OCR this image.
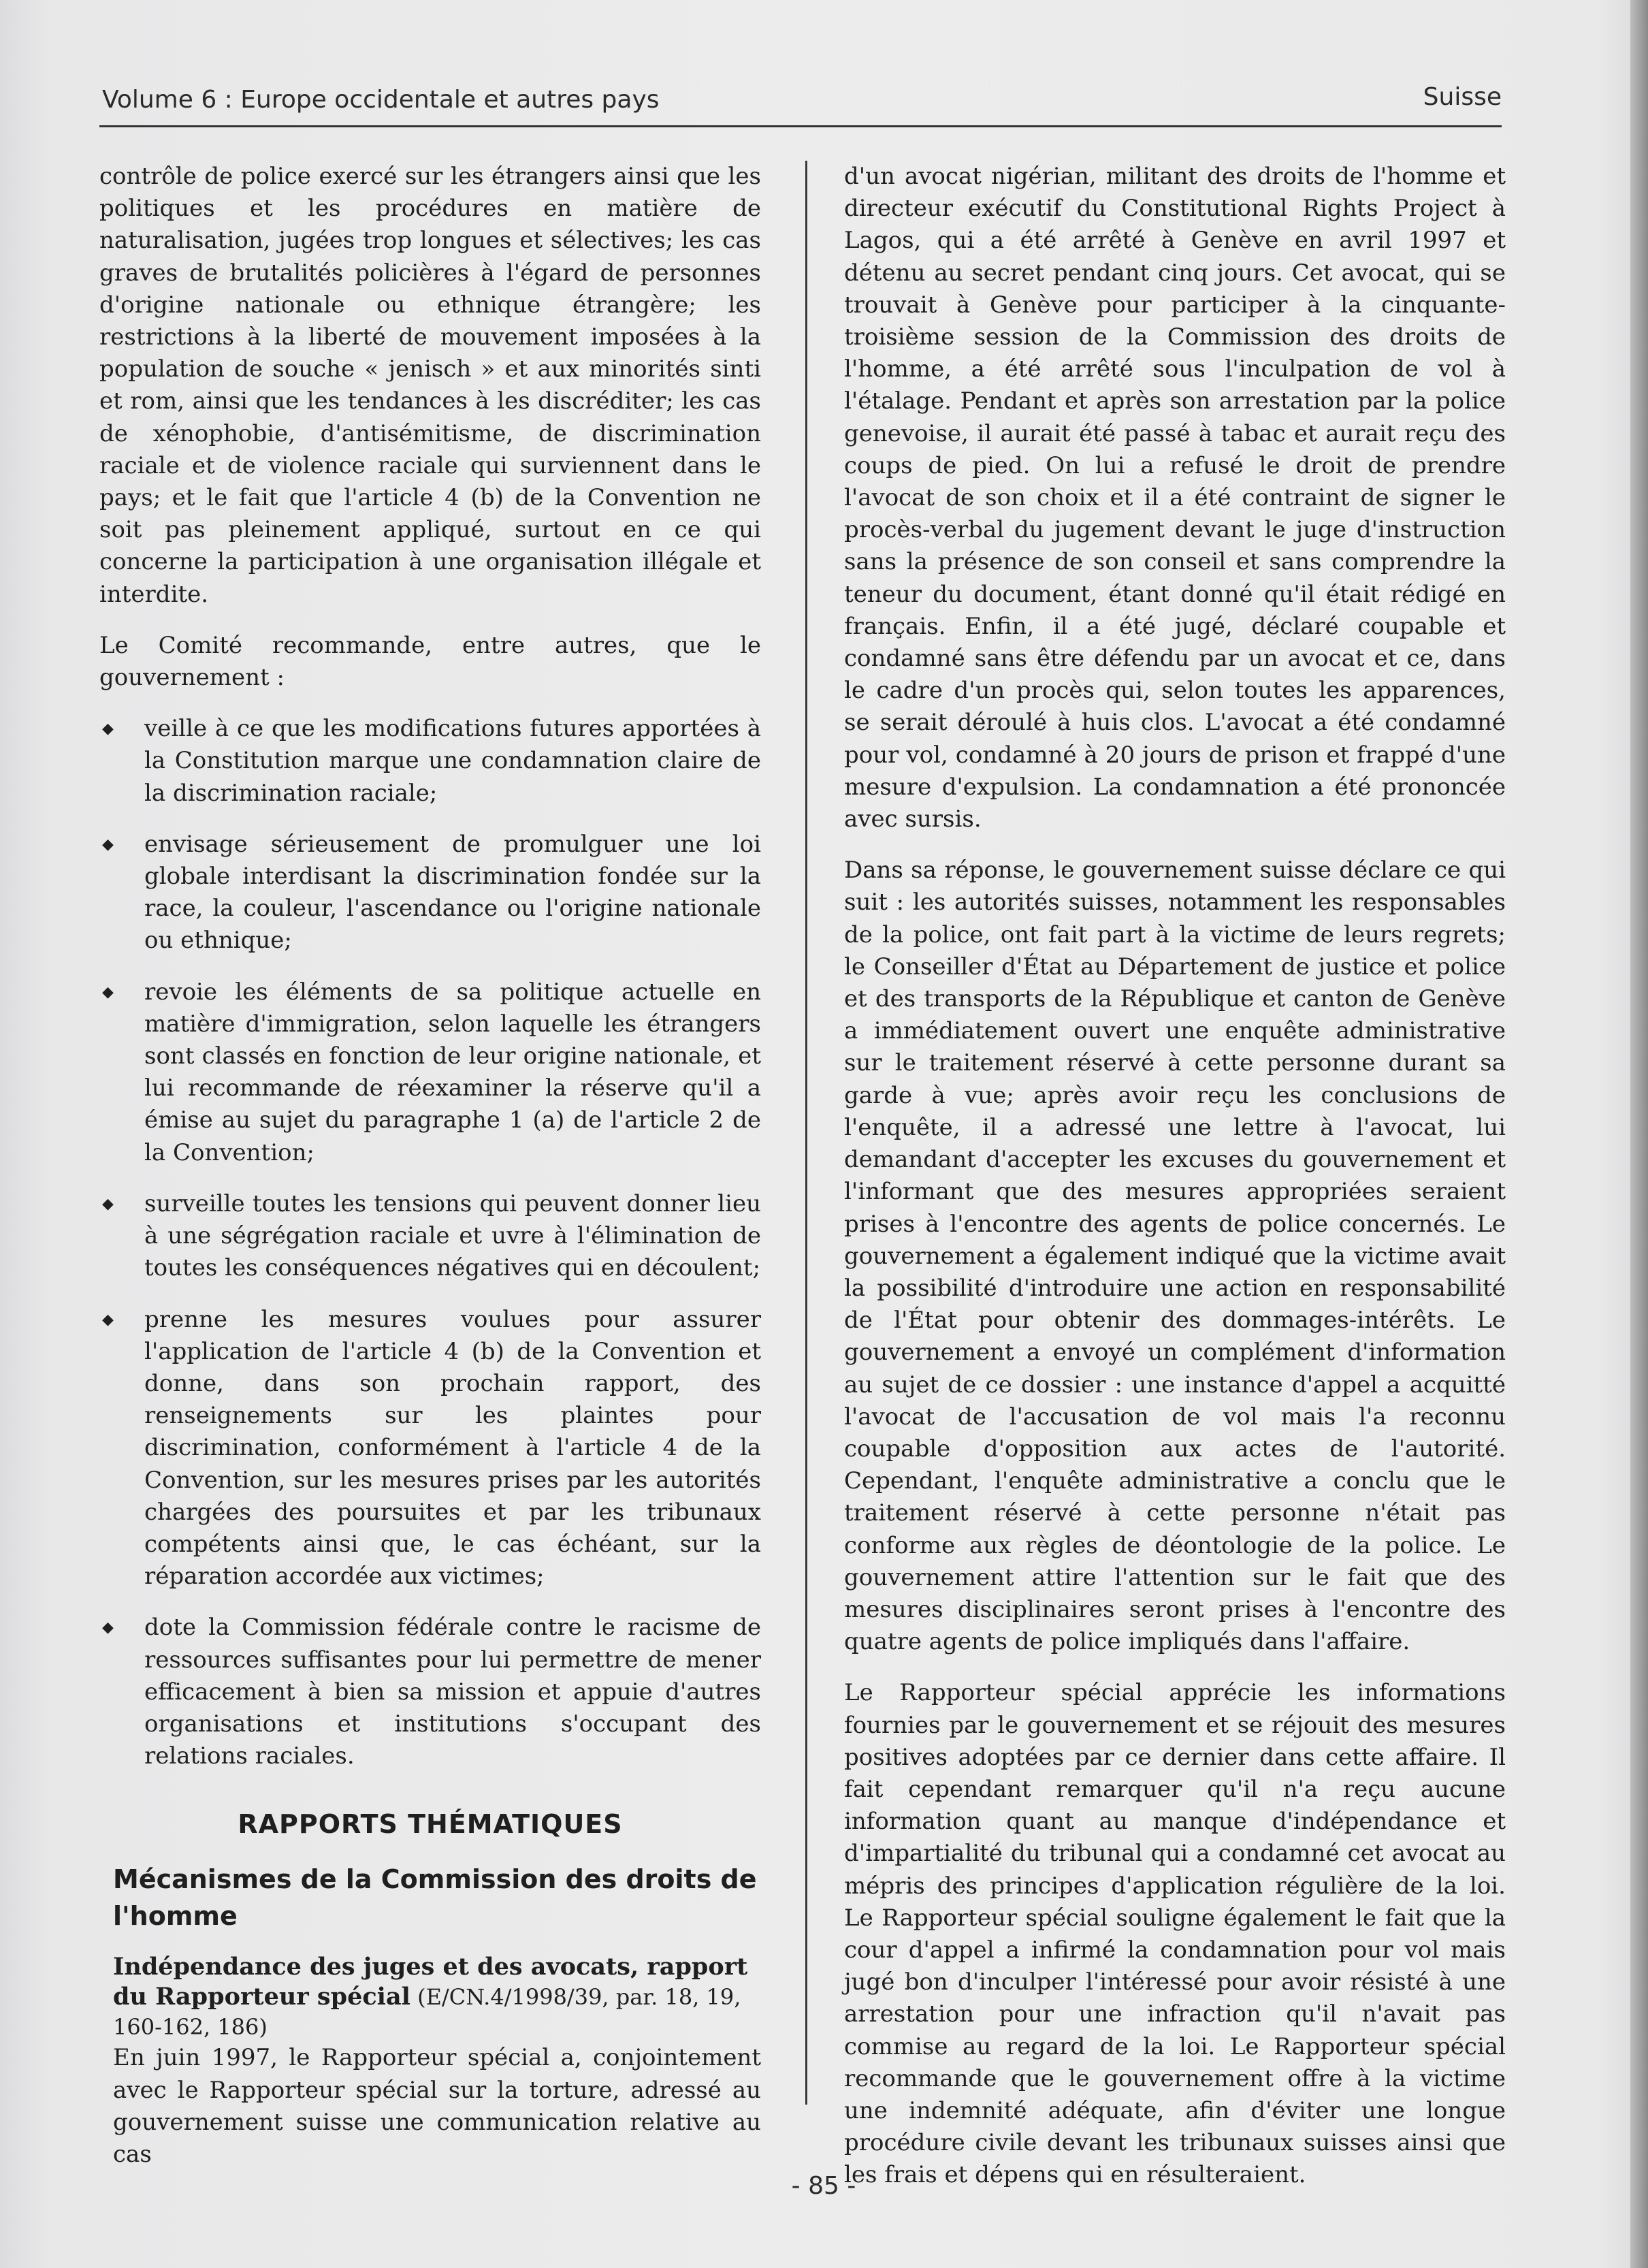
Volume 6 : Europe occidentale et autres pays	Suisse

contrôle de police exercé sur les étrangers ainsi que les politiques et les procédures en matière de naturalisation, jugées trop longues et sélectives; les cas graves de brutalités policières à l'égard de personnes d'origine nationale ou ethnique étrangère; les restrictions à la liberté de mouvement imposées à la population de souche « jenisch » et aux minorités sinti et rom, ainsi que les tendances à les discréditer; les cas de xénophobie, d'antisémitisme, de discrimination raciale et de violence raciale qui surviennent dans le pays; et le fait que l'article 4 (b) de la Convention ne soit pas pleinement appliqué, surtout en ce qui concerne la participation à une organisation illégale et interdite.

Le Comité recommande, entre autres, que le gouvernement :

◆ veille à ce que les modifications futures apportées à la Constitution marque une condamnation claire de la discrimination raciale;
◆ envisage sérieusement de promulguer une loi globale interdisant la discrimination fondée sur la race, la couleur, l'ascendance ou l'origine nationale ou ethnique;
◆ revoie les éléments de sa politique actuelle en matière d'immigration, selon laquelle les étrangers sont classés en fonction de leur origine nationale, et lui recommande de réexaminer la réserve qu'il a émise au sujet du paragraphe 1 (a) de l'article 2 de la Convention;
◆ surveille toutes les tensions qui peuvent donner lieu à une ségrégation raciale et uvre à l'élimination de toutes les conséquences négatives qui en découlent;
◆ prenne les mesures voulues pour assurer l'application de l'article 4 (b) de la Convention et donne, dans son prochain rapport, des renseignements sur les plaintes pour discrimination, conformément à l'article 4 de la Convention, sur les mesures prises par les autorités chargées des poursuites et par les tribunaux compétents ainsi que, le cas échéant, sur la réparation accordée aux victimes;
◆ dote la Commission fédérale contre le racisme de ressources suffisantes pour lui permettre de mener efficacement à bien sa mission et appuie d'autres organisations et institutions s'occupant des relations raciales.
RAPPORTS THÉMATIQUES
Mécanismes de la Commission des droits de l'homme
Indépendance des juges et des avocats, rapport du Rapporteur spécial (E/CN.4/1998/39, par. 18, 19, 160-162, 186)

En juin 1997, le Rapporteur spécial a, conjointement avec le Rapporteur spécial sur la torture, adressé au gouvernement suisse une communication relative au cas

d'un avocat nigérian, militant des droits de l'homme et directeur exécutif du Constitutional Rights Project à Lagos, qui a été arrêté à Genève en avril 1997 et détenu au secret pendant cinq jours. Cet avocat, qui se trouvait à Genève pour participer à la cinquante-troisième session de la Commission des droits de l'homme, a été arrêté sous l'inculpation de vol à l'étalage. Pendant et après son arrestation par la police genevoise, il aurait été passé à tabac et aurait reçu des coups de pied. On lui a refusé le droit de prendre l'avocat de son choix et il a été contraint de signer le procès-verbal du jugement devant le juge d'instruction sans la présence de son conseil et sans comprendre la teneur du document, étant donné qu'il était rédigé en français. Enfin, il a été jugé, déclaré coupable et condamné sans être défendu par un avocat et ce, dans le cadre d'un procès qui, selon toutes les apparences, se serait déroulé à huis clos. L'avocat a été condamné pour vol, condamné à 20 jours de prison et frappé d'une mesure d'expulsion. La condamnation a été prononcée avec sursis.

Dans sa réponse, le gouvernement suisse déclare ce qui suit : les autorités suisses, notamment les responsables de la police, ont fait part à la victime de leurs regrets; le Conseiller d'État au Département de justice et police et des transports de la République et canton de Genève a immédiatement ouvert une enquête administrative sur le traitement réservé à cette personne durant sa garde à vue; après avoir reçu les conclusions de l'enquête, il a adressé une lettre à l'avocat, lui demandant d'accepter les excuses du gouvernement et l'informant que des mesures appropriées seraient prises à l'encontre des agents de police concernés. Le gouvernement a également indiqué que la victime avait la possibilité d'introduire une action en responsabilité de l'État pour obtenir des dommages-intérêts. Le gouvernement a envoyé un complément d'information au sujet de ce dossier : une instance d'appel a acquitté l'avocat de l'accusation de vol mais l'a reconnu coupable d'opposition aux actes de l'autorité. Cependant, l'enquête administrative a conclu que le traitement réservé à cette personne n'était pas conforme aux règles de déontologie de la police. Le gouvernement attire l'attention sur le fait que des mesures disciplinaires seront prises à l'encontre des quatre agents de police impliqués dans l'affaire.

Le Rapporteur spécial apprécie les informations fournies par le gouvernement et se réjouit des mesures positives adoptées par ce dernier dans cette affaire. Il fait cependant remarquer qu'il n'a reçu aucune information quant au manque d'indépendance et d'impartialité du tribunal qui a condamné cet avocat au mépris des principes d'application régulière de la loi. Le Rapporteur spécial souligne également le fait que la cour d'appel a infirmé la condamnation pour vol mais jugé bon d'inculper l'intéressé pour avoir résisté à une arrestation pour une infraction qu'il n'avait pas commise au regard de la loi. Le Rapporteur spécial recommande que le gouvernement offre à la victime une indemnité adéquate, afin d'éviter une longue procédure civile devant les tribunaux suisses ainsi que les frais et dépens qui en résulteraient.

- 85 -
